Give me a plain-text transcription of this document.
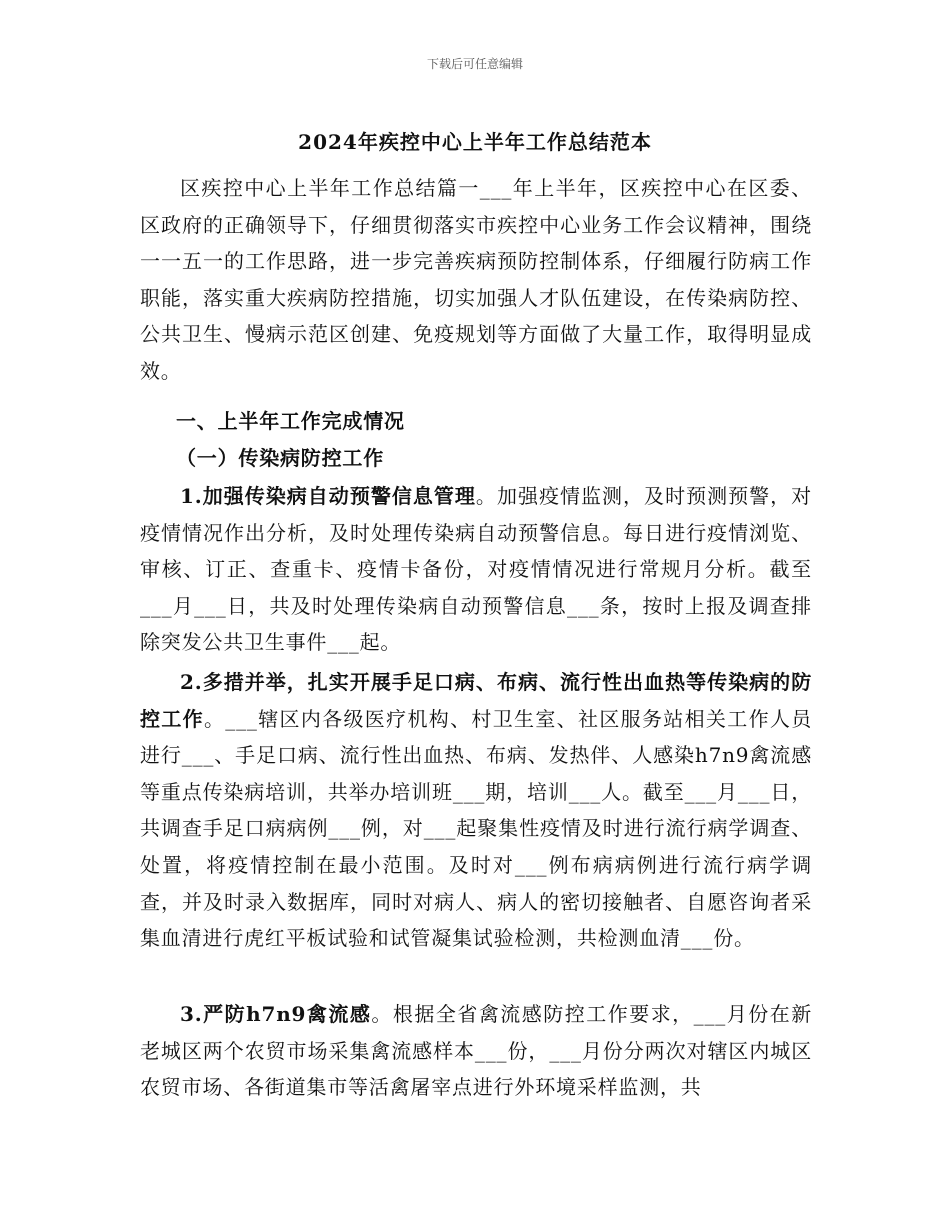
下载后可任意编辑
2024年疾控中心上半年工作总结范本

区疾控中心上半年工作总结篇一___年上半年，区疾控中心在区委、区政府的正确领导下，仔细贯彻落实市疾控中心业务工作会议精神，围绕一一五一的工作思路，进一步完善疾病预防控制体系，仔细履行防病工作职能，落实重大疾病防控措施，切实加强人才队伍建设，在传染病防控、公共卫生、慢病示范区创建、免疫规划等方面做了大量工作，取得明显成效。

一、上半年工作完成情况
（一）传染病防控工作

1.加强传染病自动预警信息管理。加强疫情监测，及时预测预警，对疫情情况作出分析，及时处理传染病自动预警信息。每日进行疫情浏览、审核、订正、查重卡、疫情卡备份，对疫情情况进行常规月分析。截至___月___日，共及时处理传染病自动预警信息___条，按时上报及调查排除突发公共卫生事件___起。

2.多措并举，扎实开展手足口病、布病、流行性出血热等传染病的防控工作。___辖区内各级医疗机构、村卫生室、社区服务站相关工作人员进行___、手足口病、流行性出血热、布病、发热伴、人感染h7n9禽流感等重点传染病培训，共举办培训班___期，培训___人。截至___月___日，共调查手足口病病例___例，对___起聚集性疫情及时进行流行病学调查、处置，将疫情控制在最小范围。及时对___例布病病例进行流行病学调查，并及时录入数据库，同时对病人、病人的密切接触者、自愿咨询者采集血清进行虎红平板试验和试管凝集试验检测，共检测血清___份。

3.严防h7n9禽流感。根据全省禽流感防控工作要求，___月份在新老城区两个农贸市场采集禽流感样本___份，___月份分两次对辖区内城区农贸市场、各街道集市等活禽屠宰点进行外环境采样监测，共
